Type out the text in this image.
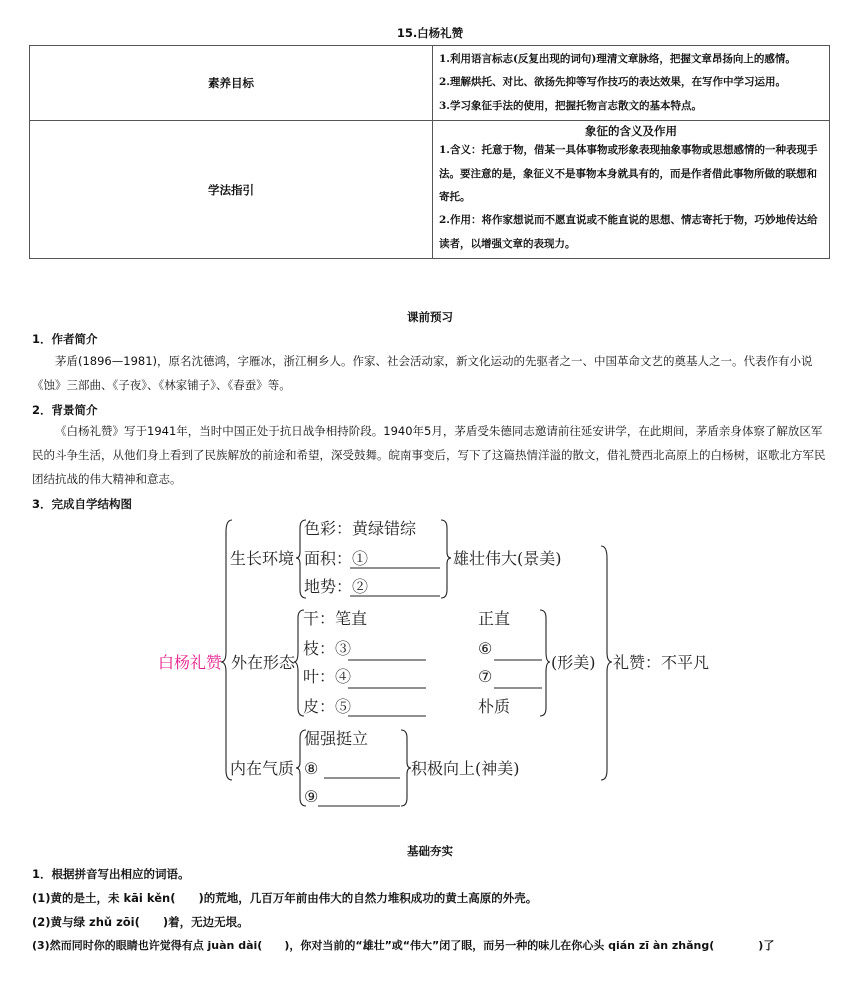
15.白杨礼赞
素养目标	1.利用语言标志(反复出现的词句)理清文章脉络，把握文章昂扬向上的感情。
2.理解烘托、对比、欲扬先抑等写作技巧的表达效果，在写作中学习运用。
3.学习象征手法的使用，把握托物言志散文的基本特点。

学法指引	象征的含义及作用
1.含义：托意于物，借某一具体事物或形象表现抽象事物或思想感情的一种表现手法。要注意的是，象征义不是事物本身就具有的，而是作者借此事物所做的联想和寄托。
2.作用：将作家想说而不愿直说或不能直说的思想、情志寄托于物，巧妙地传达给读者，以增强文章的表现力。
课前预习
1．作者简介
茅盾(1896—1981)，原名沈德鸿，字雁冰，浙江桐乡人。作家、社会活动家，新文化运动的先驱者之一、中国革命文艺的奠基人之一。代表作有小说《蚀》三部曲、《子夜》、《林家铺子》、《春蚕》等。
2．背景简介
《白杨礼赞》写于1941年，当时中国正处于抗日战争相持阶段。1940年5月，茅盾受朱德同志邀请前往延安讲学，在此期间，茅盾亲身体察了解放区军民的斗争生活，从他们身上看到了民族解放的前途和希望，深受鼓舞。皖南事变后，写下了这篇热情洋溢的散文，借礼赞西北高原上的白杨树，讴歌北方军民团结抗战的伟大精神和意志。
3．完成自学结构图
白杨礼赞
生长环境
色彩：黄绿错综
面积：①
地势：②
雄壮伟大(景美)
外在形态
干：笔直
枝：③
叶：④
皮：⑤
正直
⑥
⑦
朴质
(形美)
内在气质
倔强挺立
⑧
⑨
积极向上(神美)
礼赞：不平凡
基础夯实
1．根据拼音写出相应的词语。
(1)黄的是土，未 kāi kěn(　　)的荒地，几百万年前由伟大的自然力堆积成功的黄土高原的外壳。
(2)黄与绿 zhǔ zōi(　　)着，无边无垠。
(3)然而同时你的眼睛也许觉得有点 juàn dài(　　)，你对当前的“雄壮”或“伟大”闭了眼，而另一种的味儿在你心头 qián zī àn zhǎng(　　　　)了
